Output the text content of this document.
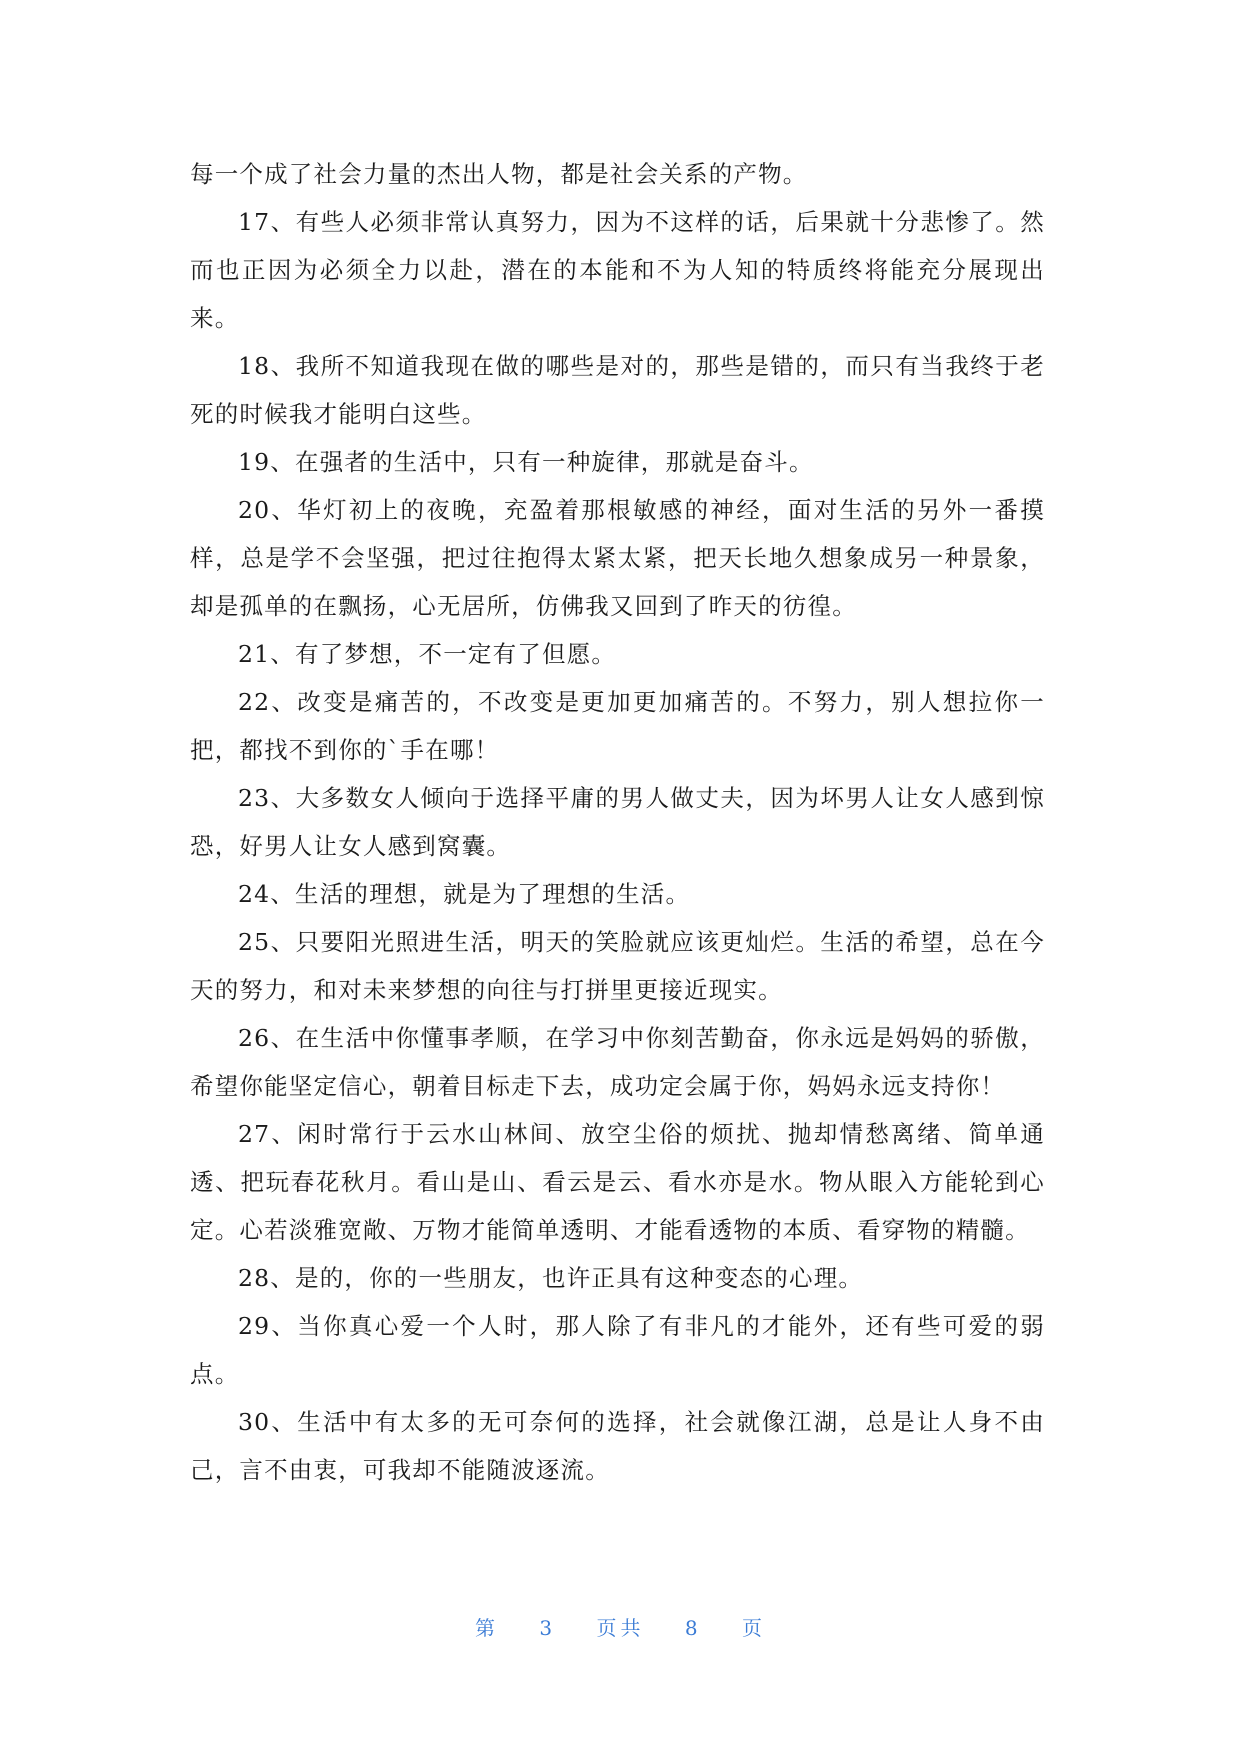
每一个成了社会力量的杰出人物，都是社会关系的产物。

17、有些人必须非常认真努力，因为不这样的话，后果就十分悲惨了。然而也正因为必须全力以赴，潜在的本能和不为人知的特质终将能充分展现出来。

18、我所不知道我现在做的哪些是对的，那些是错的，而只有当我终于老死的时候我才能明白这些。

19、在强者的生活中，只有一种旋律，那就是奋斗。

20、华灯初上的夜晚，充盈着那根敏感的神经，面对生活的另外一番摸样，总是学不会坚强，把过往抱得太紧太紧，把天长地久想象成另一种景象，却是孤单的在飘扬，心无居所，仿佛我又回到了昨天的彷徨。

21、有了梦想，不一定有了但愿。

22、改变是痛苦的，不改变是更加更加痛苦的。不努力，别人想拉你一把，都找不到你的`手在哪！

23、大多数女人倾向于选择平庸的男人做丈夫，因为坏男人让女人感到惊恐，好男人让女人感到窝囊。

24、生活的理想，就是为了理想的生活。

25、只要阳光照进生活，明天的笑脸就应该更灿烂。生活的希望，总在今天的努力，和对未来梦想的向往与打拼里更接近现实。

26、在生活中你懂事孝顺，在学习中你刻苦勤奋，你永远是妈妈的骄傲，希望你能坚定信心，朝着目标走下去，成功定会属于你，妈妈永远支持你！

27、闲时常行于云水山林间、放空尘俗的烦扰、抛却情愁离绪、简单通透、把玩春花秋月。看山是山、看云是云、看水亦是水。物从眼入方能轮到心定。心若淡雅宽敞、万物才能简单透明、才能看透物的本质、看穿物的精髓。

28、是的，你的一些朋友，也许正具有这种变态的心理。

29、当你真心爱一个人时，那人除了有非凡的才能外，还有些可爱的弱点。

30、生活中有太多的无可奈何的选择，社会就像江湖，总是让人身不由己，言不由衷，可我却不能随波逐流。

第 3 页共 8 页
